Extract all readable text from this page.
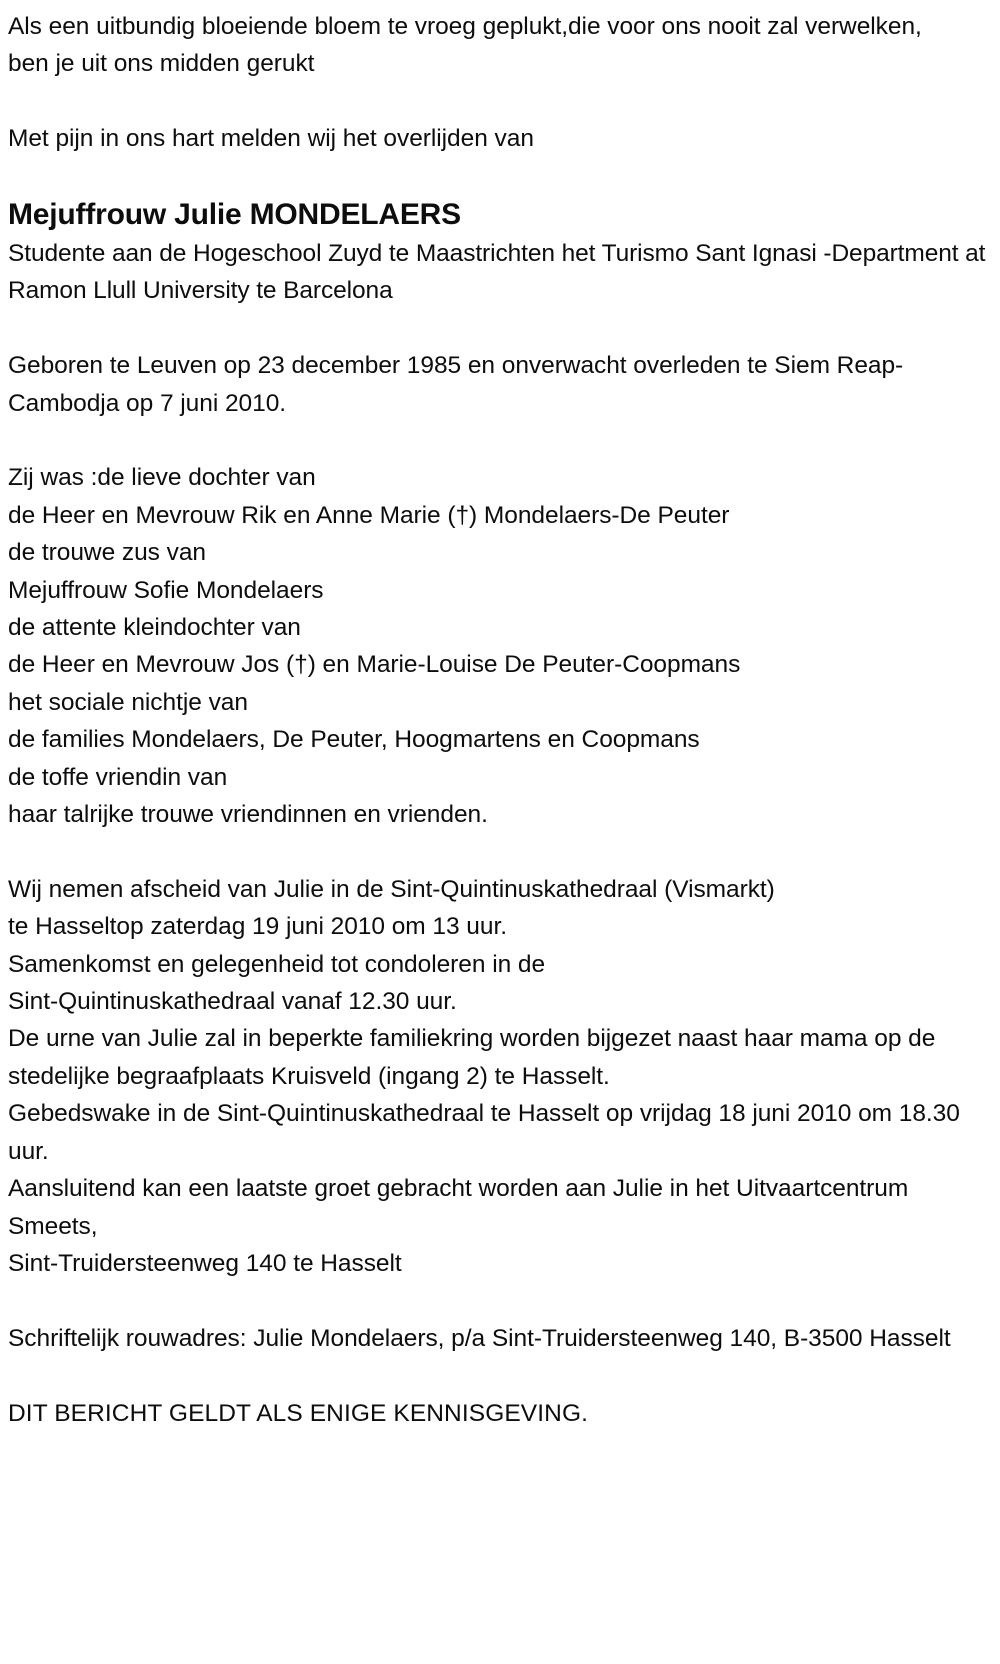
Als een uitbundig bloeiende bloem te vroeg geplukt,die voor ons nooit zal verwelken,
ben je uit ons midden gerukt
Met pijn in ons hart melden wij het overlijden van
Mejuffrouw Julie MONDELAERS
Studente aan de Hogeschool Zuyd te Maastrichten het Turismo Sant Ignasi -Department at Ramon Llull University te Barcelona
Geboren te Leuven op 23 december 1985 en onverwacht overleden te Siem Reap-Cambodja op 7 juni 2010.
Zij was :de lieve dochter van
de Heer en Mevrouw Rik en Anne Marie (†) Mondelaers-De Peuter
de trouwe zus van
Mejuffrouw Sofie Mondelaers
de attente kleindochter van
de Heer en Mevrouw Jos (†) en Marie-Louise De Peuter-Coopmans
het sociale nichtje van
de families Mondelaers, De Peuter, Hoogmartens en Coopmans
de toffe vriendin van
haar talrijke trouwe vriendinnen en vrienden.
Wij nemen afscheid van Julie in de Sint-Quintinuskathedraal (Vismarkt)
te Hasseltop zaterdag 19 juni 2010 om 13 uur.
Samenkomst en gelegenheid tot condoleren in de
Sint-Quintinuskathedraal vanaf 12.30 uur.
De urne van Julie zal in beperkte familiekring worden bijgezet naast haar mama op de
stedelijke begraafplaats Kruisveld (ingang 2) te Hasselt.
Gebedswake in de Sint-Quintinuskathedraal te Hasselt op vrijdag 18 juni 2010 om 18.30 uur.
Aansluitend kan een laatste groet gebracht worden aan Julie in het Uitvaartcentrum Smeets,
Sint-Truidersteenweg 140 te Hasselt
Schriftelijk rouwadres: Julie Mondelaers, p/a Sint-Truidersteenweg 140, B-3500 Hasselt
DIT BERICHT GELDT ALS ENIGE KENNISGEVING.
